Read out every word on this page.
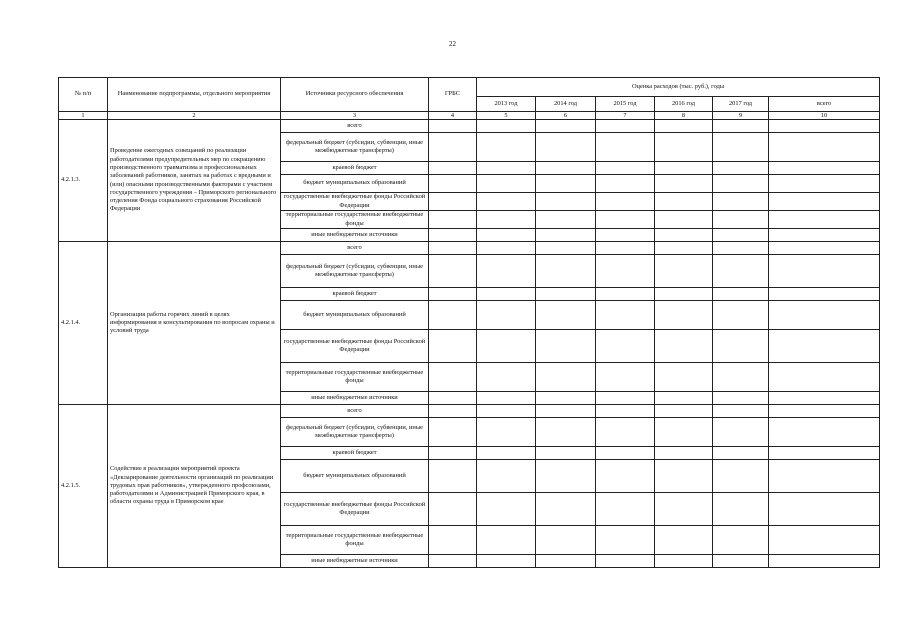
22
№ п/п	Наименование подпрограммы, отдельного мероприятия	Источники ресурсного обеспечения	ГРБС	Оценка расходов (тыс. руб.), годы					
				2013 год	2014 год	2015 год	2016 год	2017 год	всего
1	2	3	4	5	6	7	8	9	10
4.2.1.3.	Проведение ежегодных совещаний по реализации работодателями предупредительных мер по сокращению производственного травматизма и профессиональных заболеваний работников, занятых на работах с вредными и (или) опасными производственными факторами с участием государственного учреждения – Приморского регионального отделения Фонда социального страхования Российской Федерации	всего							
		федеральный бюджет (субсидии, субвенции, иные межбюджетные трансферты)							
		краевой бюджет							
		бюджет муниципальных образований							
		государственные внебюджетные фонды Российской Федерации							
		территориальные государственные внебюджетные фонды							
		иные внебюджетные источники							
4.2.1.4.	Организация работы горячих линий в целях информирования и консультирования по вопросам охраны и условий труда	всего							
		федеральный бюджет (субсидии, субвенции, иные межбюджетные трансферты)							
		краевой бюджет							
		бюджет муниципальных образований							
		государственные внебюджетные фонды Российской Федерации							
		территориальные государственные внебюджетные фонды							
		иные внебюджетные источники							
4.2.1.5.	Содействие в реализации мероприятий проекта «Декларирование деятельности организаций по реализации трудовых прав работников», утвержденного профсоюзами, работодателями и Администрацией Приморского края, в области охраны труда в Приморском крае	всего							
		федеральный бюджет (субсидии, субвенции, иные межбюджетные трансферты)							
		краевой бюджет							
		бюджет муниципальных образований							
		государственные внебюджетные фонды Российской Федерации							
		территориальные государственные внебюджетные фонды							
		иные внебюджетные источники							
